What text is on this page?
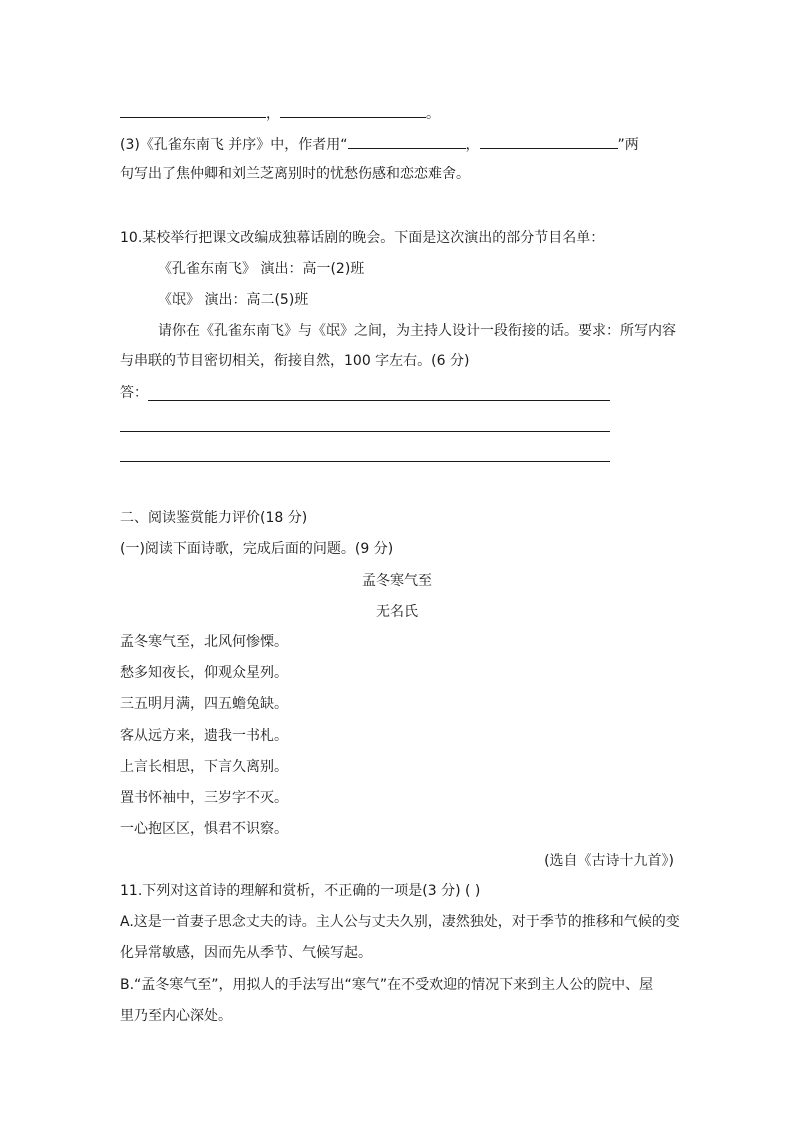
，	。
(3)《孔雀东南飞 并序》中，作者用“	，	”两
句写出了焦仲卿和刘兰芝离别时的忧愁伤感和恋恋难舍。
10.某校举行把课文改编成独幕话剧的晚会。下面是这次演出的部分节目名单：
《孔雀东南飞》 演出：高一(2)班
《氓》 演出：高二(5)班
请你在《孔雀东南飞》与《氓》之间，为主持人设计一段衔接的话。要求：所写内容
与串联的节目密切相关，衔接自然，100 字左右。(6 分)
答：
二、阅读鉴赏能力评价(18 分)
(一)阅读下面诗歌，完成后面的问题。(9 分)
孟冬寒气至
无名氏
孟冬寒气至，北风何惨慄。
愁多知夜长，仰观众星列。
三五明月满，四五蟾兔缺。
客从远方来，遗我一书札。
上言长相思，下言久离别。
置书怀袖中，三岁字不灭。
一心抱区区，惧君不识察。
(选自《古诗十九首》)
11.下列对这首诗的理解和赏析，不正确的一项是(3 分) ( )
A.这是一首妻子思念丈夫的诗。主人公与丈夫久别，凄然独处，对于季节的推移和气候的变
化异常敏感，因而先从季节、气候写起。
B.“孟冬寒气至”，用拟人的手法写出“寒气”在不受欢迎的情况下来到主人公的院中、屋
里乃至内心深处。
